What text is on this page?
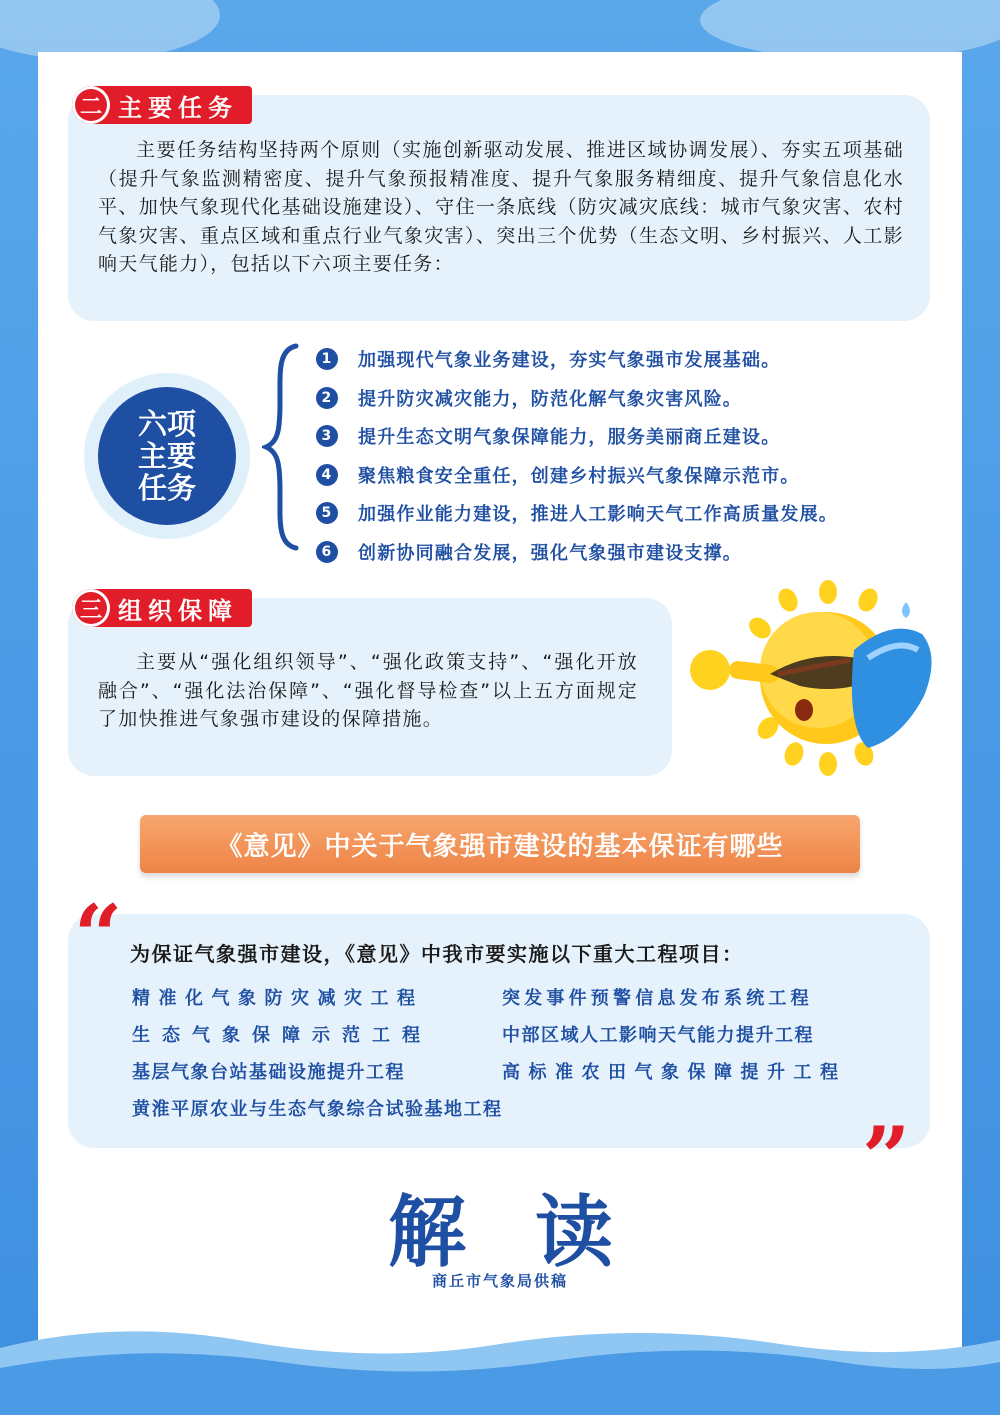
二 主要任务

主要任务结构坚持两个原则（实施创新驱动发展、推进区域协调发展）、夯实五项基础（提升气象监测精密度、提升气象预报精准度、提升气象服务精细度、提升气象信息化水平、加快气象现代化基础设施建设）、守住一条底线（防灾减灾底线：城市气象灾害、农村气象灾害、重点区域和重点行业气象灾害）、突出三个优势（生态文明、乡村振兴、人工影响天气能力），包括以下六项主要任务：

六项
主要
任务
1	加强现代气象业务建设，夯实气象强市发展基础。
2	提升防灾减灾能力，防范化解气象灾害风险。
3	提升生态文明气象保障能力，服务美丽商丘建设。
4	聚焦粮食安全重任，创建乡村振兴气象保障示范市。
5	加强作业能力建设，推进人工影响天气工作高质量发展。
6	创新协同融合发展，强化气象强市建设支撑。
三 组织保障

主要从“强化组织领导”、“强化政策支持”、“强化开放融合”、“强化法治保障”、“强化督导检查”以上五方面规定了加快推进气象强市建设的保障措施。

《意见》中关于气象强市建设的基本保证有哪些
“
”
为保证气象强市建设，《意见》中我市要实施以下重大工程项目：
精准化气象防灾减灾工程	突发事件预警信息发布系统工程
生态气象保障示范工程	中部区域人工影响天气能力提升工程
基层气象台站基础设施提升工程	高标准农田气象保障提升工程
黄淮平原农业与生态气象综合试验基地工程
解 读
商丘市气象局供稿
